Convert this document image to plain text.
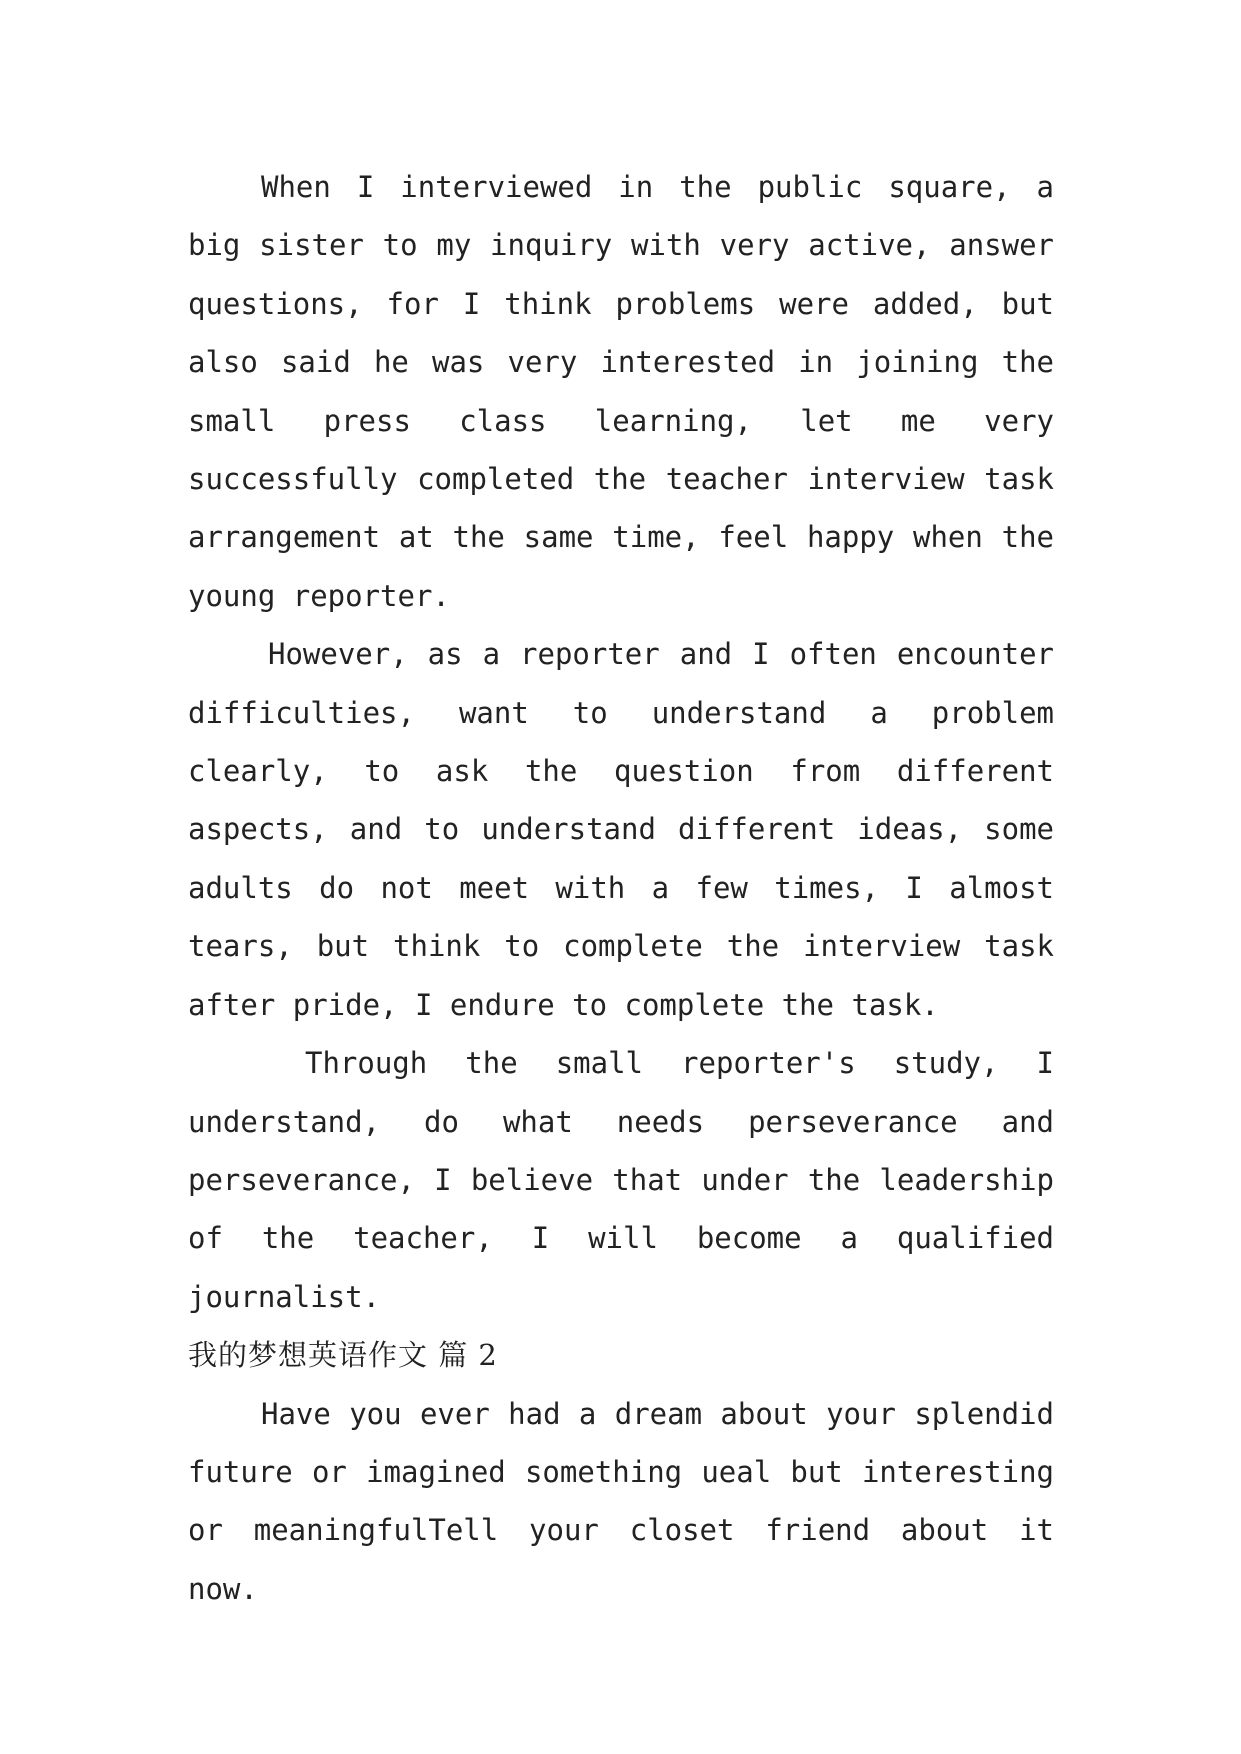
When I interviewed in the public square, a big sister to my inquiry with very active, answer questions, for I think problems were added, but also said he was very interested in joining the small press class learning, let me very successfully completed the teacher interview task arrangement at the same time, feel happy when the young reporter.

However, as a reporter and I often encounter difficulties, want to understand a problem clearly, to ask the question from different aspects, and to understand different ideas, some adults do not meet with a few times, I almost tears, but think to complete the interview task after pride, I endure to complete the task.

Through the small reporter's study, I understand, do what needs perseverance and perseverance, I believe that under the leadership of the teacher, I will become a qualified journalist.

我的梦想英语作文 篇 2

Have you ever had a dream about your splendid future or imagined something ueal but interesting or meaningfulTell your closet friend about it now.
